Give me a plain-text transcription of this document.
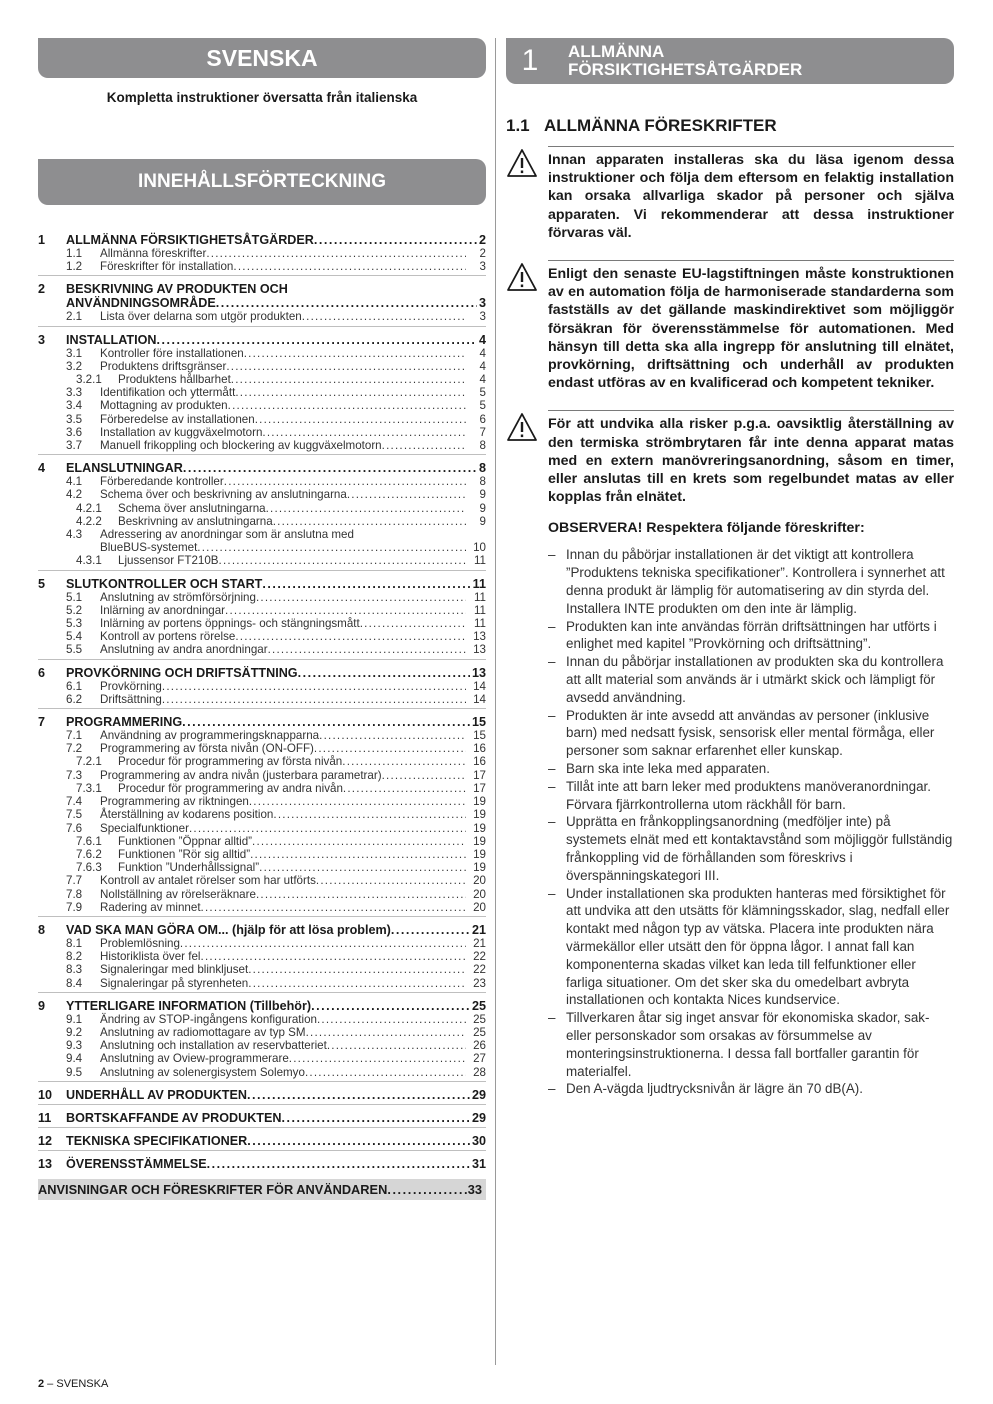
SVENSKA
Kompletta instruktioner översatta från italienska
INNEHÅLLSFÖRTECKNING
1	ALLMÄNNA FÖRSIKTIGHETSÅTGÄRDER . . .	2
1.1	Allmänna föreskrifter . . .	2
1.2	Föreskrifter för installation . . .	3
2	BESKRIVNING AV PRODUKTEN OCH
ANVÄNDNINGSOMRÅDE . . .	3
2.1	Lista över delarna som utgör produkten . . .	3
3	INSTALLATION . . .	4
3.1	Kontroller före installationen . . .	4
3.2	Produktens driftsgränser . . .	4
3.2.1	Produktens hållbarhet . . .	4
3.3	Identifikation och yttermått . . .	5
3.4	Mottagning av produkten . . .	5
3.5	Förberedelse av installationen . . .	6
3.6	Installation av kuggväxelmotorn . . .	7
3.7	Manuell frikoppling och blockering av kuggväxelmotorn . . .	8
4	ELANSLUTNINGAR . . .	8
4.1	Förberedande kontroller . . .	8
4.2	Schema över och beskrivning av anslutningarna . . .	9
4.2.1	Schema över anslutningarna . . .	9
4.2.2	Beskrivning av anslutningarna . . .	9
4.3	Adressering av anordningar som är anslutna med
BlueBUS-systemet . . .	10
4.3.1	Ljussensor FT210B . . .	11
5	SLUTKONTROLLER OCH START . . .	11
5.1	Anslutning av strömförsörjning . . .	11
5.2	Inlärning av anordningar . . .	11
5.3	Inlärning av portens öppnings- och stängningsmått . . .	11
5.4	Kontroll av portens rörelse . . .	13
5.5	Anslutning av andra anordningar . . .	13
6	PROVKÖRNING OCH DRIFTSÄTTNING . . .	13
6.1	Provkörning . . .	14
6.2	Driftsättning . . .	14
7	PROGRAMMERING . . .	15
7.1	Användning av programmeringsknapparna . . .	15
7.2	Programmering av första nivån (ON-OFF) . . .	16
7.2.1	Procedur för programmering av första nivån . . .	16
7.3	Programmering av andra nivån (justerbara parametrar) . . .	17
7.3.1	Procedur för programmering av andra nivån . . .	17
7.4	Programmering av riktningen . . .	19
7.5	Återställning av kodarens position . . .	19
7.6	Specialfunktioner . . .	19
7.6.1	Funktionen ”Öppnar alltid” . . .	19
7.6.2	Funktionen ”Rör sig alltid” . . .	19
7.6.3	Funktion ”Underhållssignal” . . .	19
7.7	Kontroll av antalet rörelser som har utförts . . .	20
7.8	Nollställning av rörelseräknare . . .	20
7.9	Radering av minnet . . .	20
8	VAD SKA MAN GÖRA OM... (hjälp för att lösa problem) . . .	21
8.1	Problemlösning . . .	21
8.2	Historiklista över fel . . .	22
8.3	Signaleringar med blinkljuset . . .	22
8.4	Signaleringar på styrenheten . . .	23
9	YTTERLIGARE INFORMATION (Tillbehör) . . .	25
9.1	Ändring av STOP-ingångens konfiguration . . .	25
9.2	Anslutning av radiomottagare av typ SM . . .	25
9.3	Anslutning och installation av reservbatteriet . . .	26
9.4	Anslutning av Oview-programmerare . . .	27
9.5	Anslutning av solenergisystem Solemyo . . .	28
10	UNDERHÅLL AV PRODUKTEN . . .	29
11	BORTSKAFFANDE AV PRODUKTEN . . .	29
12	TEKNISKA SPECIFIKATIONER . . .	30
13	ÖVERENSSTÄMMELSE . . .	31
ANVISNINGAR OCH FÖRESKRIFTER FÖR ANVÄNDAREN . . .	33
1	ALLMÄNNA
FÖRSIKTIGHETSÅTGÄRDER
1.1 ALLMÄNNA FÖRESKRIFTER
Innan apparaten installeras ska du läsa igenom dessa instruktioner och följa dem eftersom en felaktig installation kan orsaka allvarliga skador på personer och själva apparaten. Vi rekommenderar att dessa instruktioner förvaras väl.
Enligt den senaste EU-lagstiftningen måste konstruktionen av en automation följa de harmoniserade standarderna som fastställs av det gällande maskindirektivet som möjliggör försäkran för överensstämmelse för automationen. Med hänsyn till detta ska alla ingrepp för anslutning till elnätet, provkörning, driftsättning och underhåll av produkten endast utföras av en kvalificerad och kompetent tekniker.
För att undvika alla risker p.g.a. oavsiktlig återställning av den termiska strömbrytaren får inte denna apparat matas med en extern manövreringsanordning, såsom en timer, eller anslutas till en krets som regelbundet matas av eller kopplas från elnätet.
OBSERVERA! Respektera följande föreskrifter:
– Innan du påbörjar installationen är det viktigt att kontrollera ”Produktens tekniska specifikationer”. Kontrollera i synnerhet att denna produkt är lämplig för automatisering av din styrda del. Installera INTE produkten om den inte är lämplig.
– Produkten kan inte användas förrän driftsättningen har utförts i enlighet med kapitel ”Provkörning och driftsättning”.
– Innan du påbörjar installationen av produkten ska du kontrollera att allt material som används är i utmärkt skick och lämpligt för avsedd användning.
– Produkten är inte avsedd att användas av personer (inklusive barn) med nedsatt fysisk, sensorisk eller mental förmåga, eller personer som saknar erfarenhet eller kunskap.
– Barn ska inte leka med apparaten.
– Tillåt inte att barn leker med produktens manöveranordningar. Förvara fjärrkontrollerna utom räckhåll för barn.
– Upprätta en frånkopplingsanordning (medföljer inte) på systemets elnät med ett kontaktavstånd som möjliggör fullständig frånkoppling vid de förhållanden som föreskrivs i överspänningskategori III.
– Under installationen ska produkten hanteras med försiktighet för att undvika att den utsätts för klämningsskador, slag, nedfall eller kontakt med någon typ av vätska. Placera inte produkten nära värmekällor eller utsätt den för öppna lågor. I annat fall kan komponenterna skadas vilket kan leda till felfunktioner eller farliga situationer. Om det sker ska du omedelbart avbryta installationen och kontakta Nices kundservice.
– Tillverkaren åtar sig inget ansvar för ekonomiska skador, sak- eller personskador som orsakas av försummelse av monteringsinstruktionerna. I dessa fall bortfaller garantin för materialfel.
– Den A-vägda ljudtrycksnivån är lägre än 70 dB(A).
2 – SVENSKA
